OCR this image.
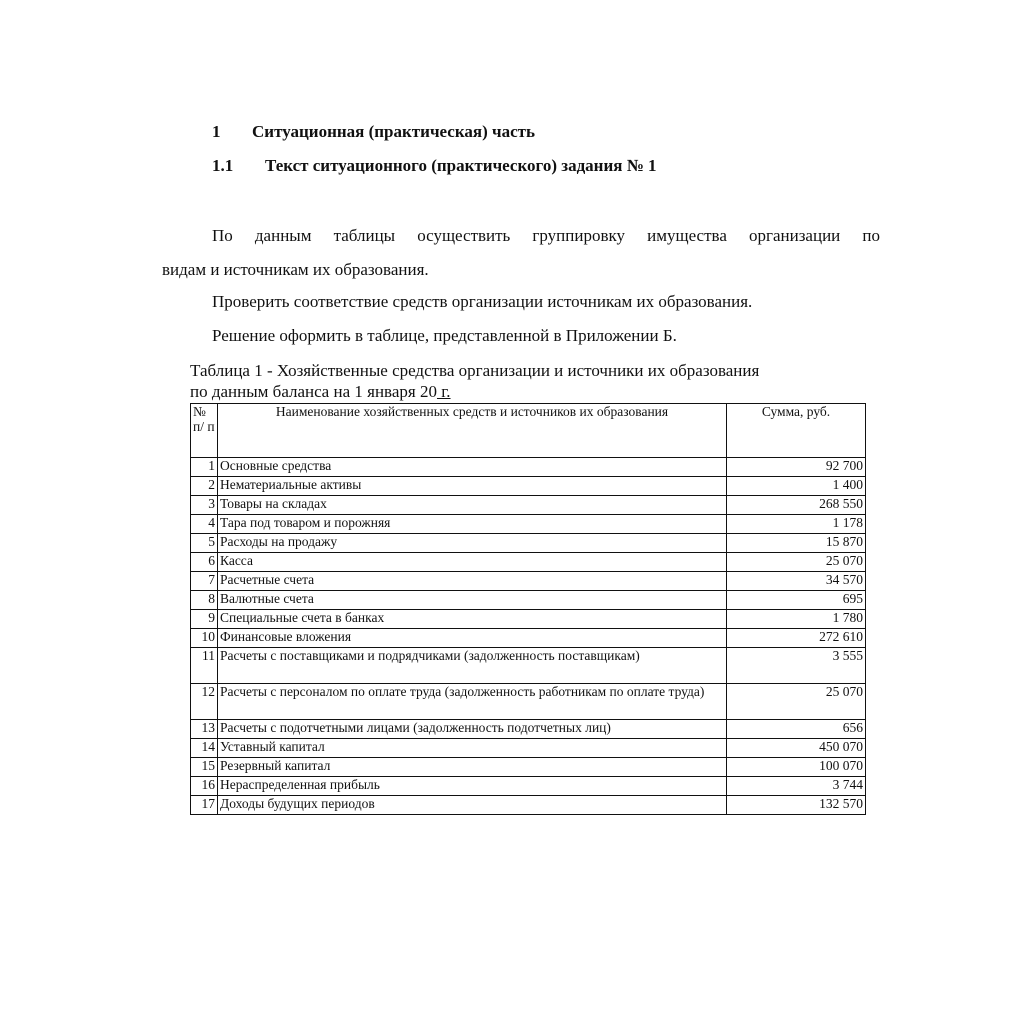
1 Ситуационная (практическая) часть
1.1 Текст ситуационного (практического) задания № 1
По данным таблицы осуществить группировку имущества организации по
видам и источникам их образования.
Проверить соответствие средств организации источникам их образования.
Решение оформить в таблице, представленной в Приложении Б.
Таблица 1 - Хозяйственные средства организации и источники их образования
по данным балансa на 1 января 20 г.
№ п/ п	Наименование хозяйственных средств и источников их образования	Сумма, руб.
1	Основные средства	92 700
2	Нематериальные активы	1 400
3	Товары на складах	268 550
4	Тара под товаром и порожняя	1 178
5	Расходы на продажу	15 870
6	Касса	25 070
7	Расчетные счета	34 570
8	Валютные счета	695
9	Специальные счета в банках	1 780
10	Финансовые вложения	272 610
11	Расчеты с поставщиками и подрядчиками (задолженность поставщикам)	3 555
12	Расчеты с персоналом по оплате труда (задолженность работникам по оплате труда)	25 070
13	Расчеты с подотчетными лицами (задолженность подотчетных лиц)	656
14	Уставный капитал	450 070
15	Резервный капитал	100 070
16	Нераспределенная прибыль	3 744
17	Доходы будущих периодов	132 570
